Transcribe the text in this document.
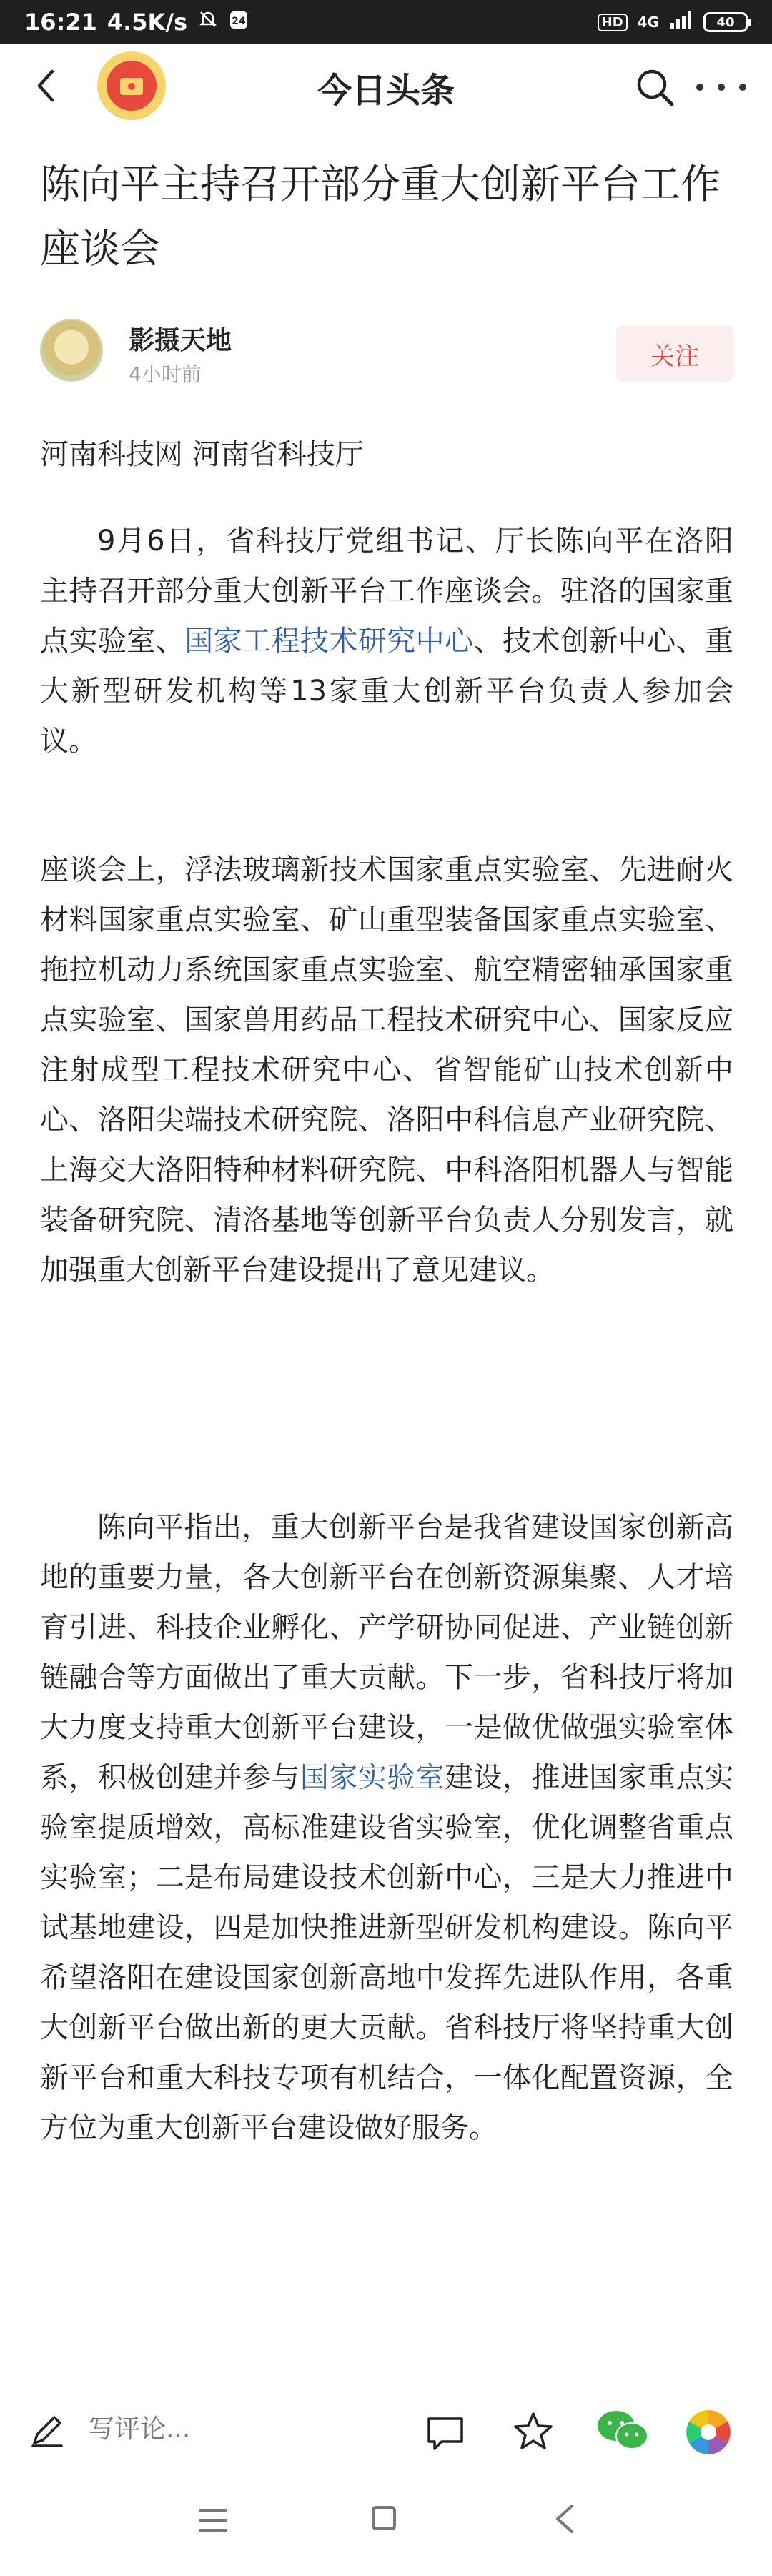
16:21 4.5K/s	24	HD	4G	40
今日头条
陈向平主持召开部分重大创新平台工作座谈会
影摄天地
4小时前
关注
河南科技网 河南省科技厅

9月6日，省科技厅党组书记、厅长陈向平在洛阳主持召开部分重大创新平台工作座谈会。驻洛的国家重点实验室、国家工程技术研究中心、技术创新中心、重大新型研发机构等13家重大创新平台负责人参加会议。

座谈会上，浮法玻璃新技术国家重点实验室、先进耐火材料国家重点实验室、矿山重型装备国家重点实验室、拖拉机动力系统国家重点实验室、航空精密轴承国家重点实验室、国家兽用药品工程技术研究中心、国家反应注射成型工程技术研究中心、省智能矿山技术创新中心、洛阳尖端技术研究院、洛阳中科信息产业研究院、上海交大洛阳特种材料研究院、中科洛阳机器人与智能装备研究院、清洛基地等创新平台负责人分别发言，就加强重大创新平台建设提出了意见建议。

陈向平指出，重大创新平台是我省建设国家创新高地的重要力量，各大创新平台在创新资源集聚、人才培育引进、科技企业孵化、产学研协同促进、产业链创新链融合等方面做出了重大贡献。下一步，省科技厅将加大力度支持重大创新平台建设，一是做优做强实验室体系，积极创建并参与国家实验室建设，推进国家重点实验室提质增效，高标准建设省实验室，优化调整省重点实验室；二是布局建设技术创新中心，三是大力推进中试基地建设，四是加快推进新型研发机构建设。陈向平希望洛阳在建设国家创新高地中发挥先进队作用，各重大创新平台做出新的更大贡献。省科技厅将坚持重大创新平台和重大科技专项有机结合，一体化配置资源，全方位为重大创新平台建设做好服务。

写评论...
